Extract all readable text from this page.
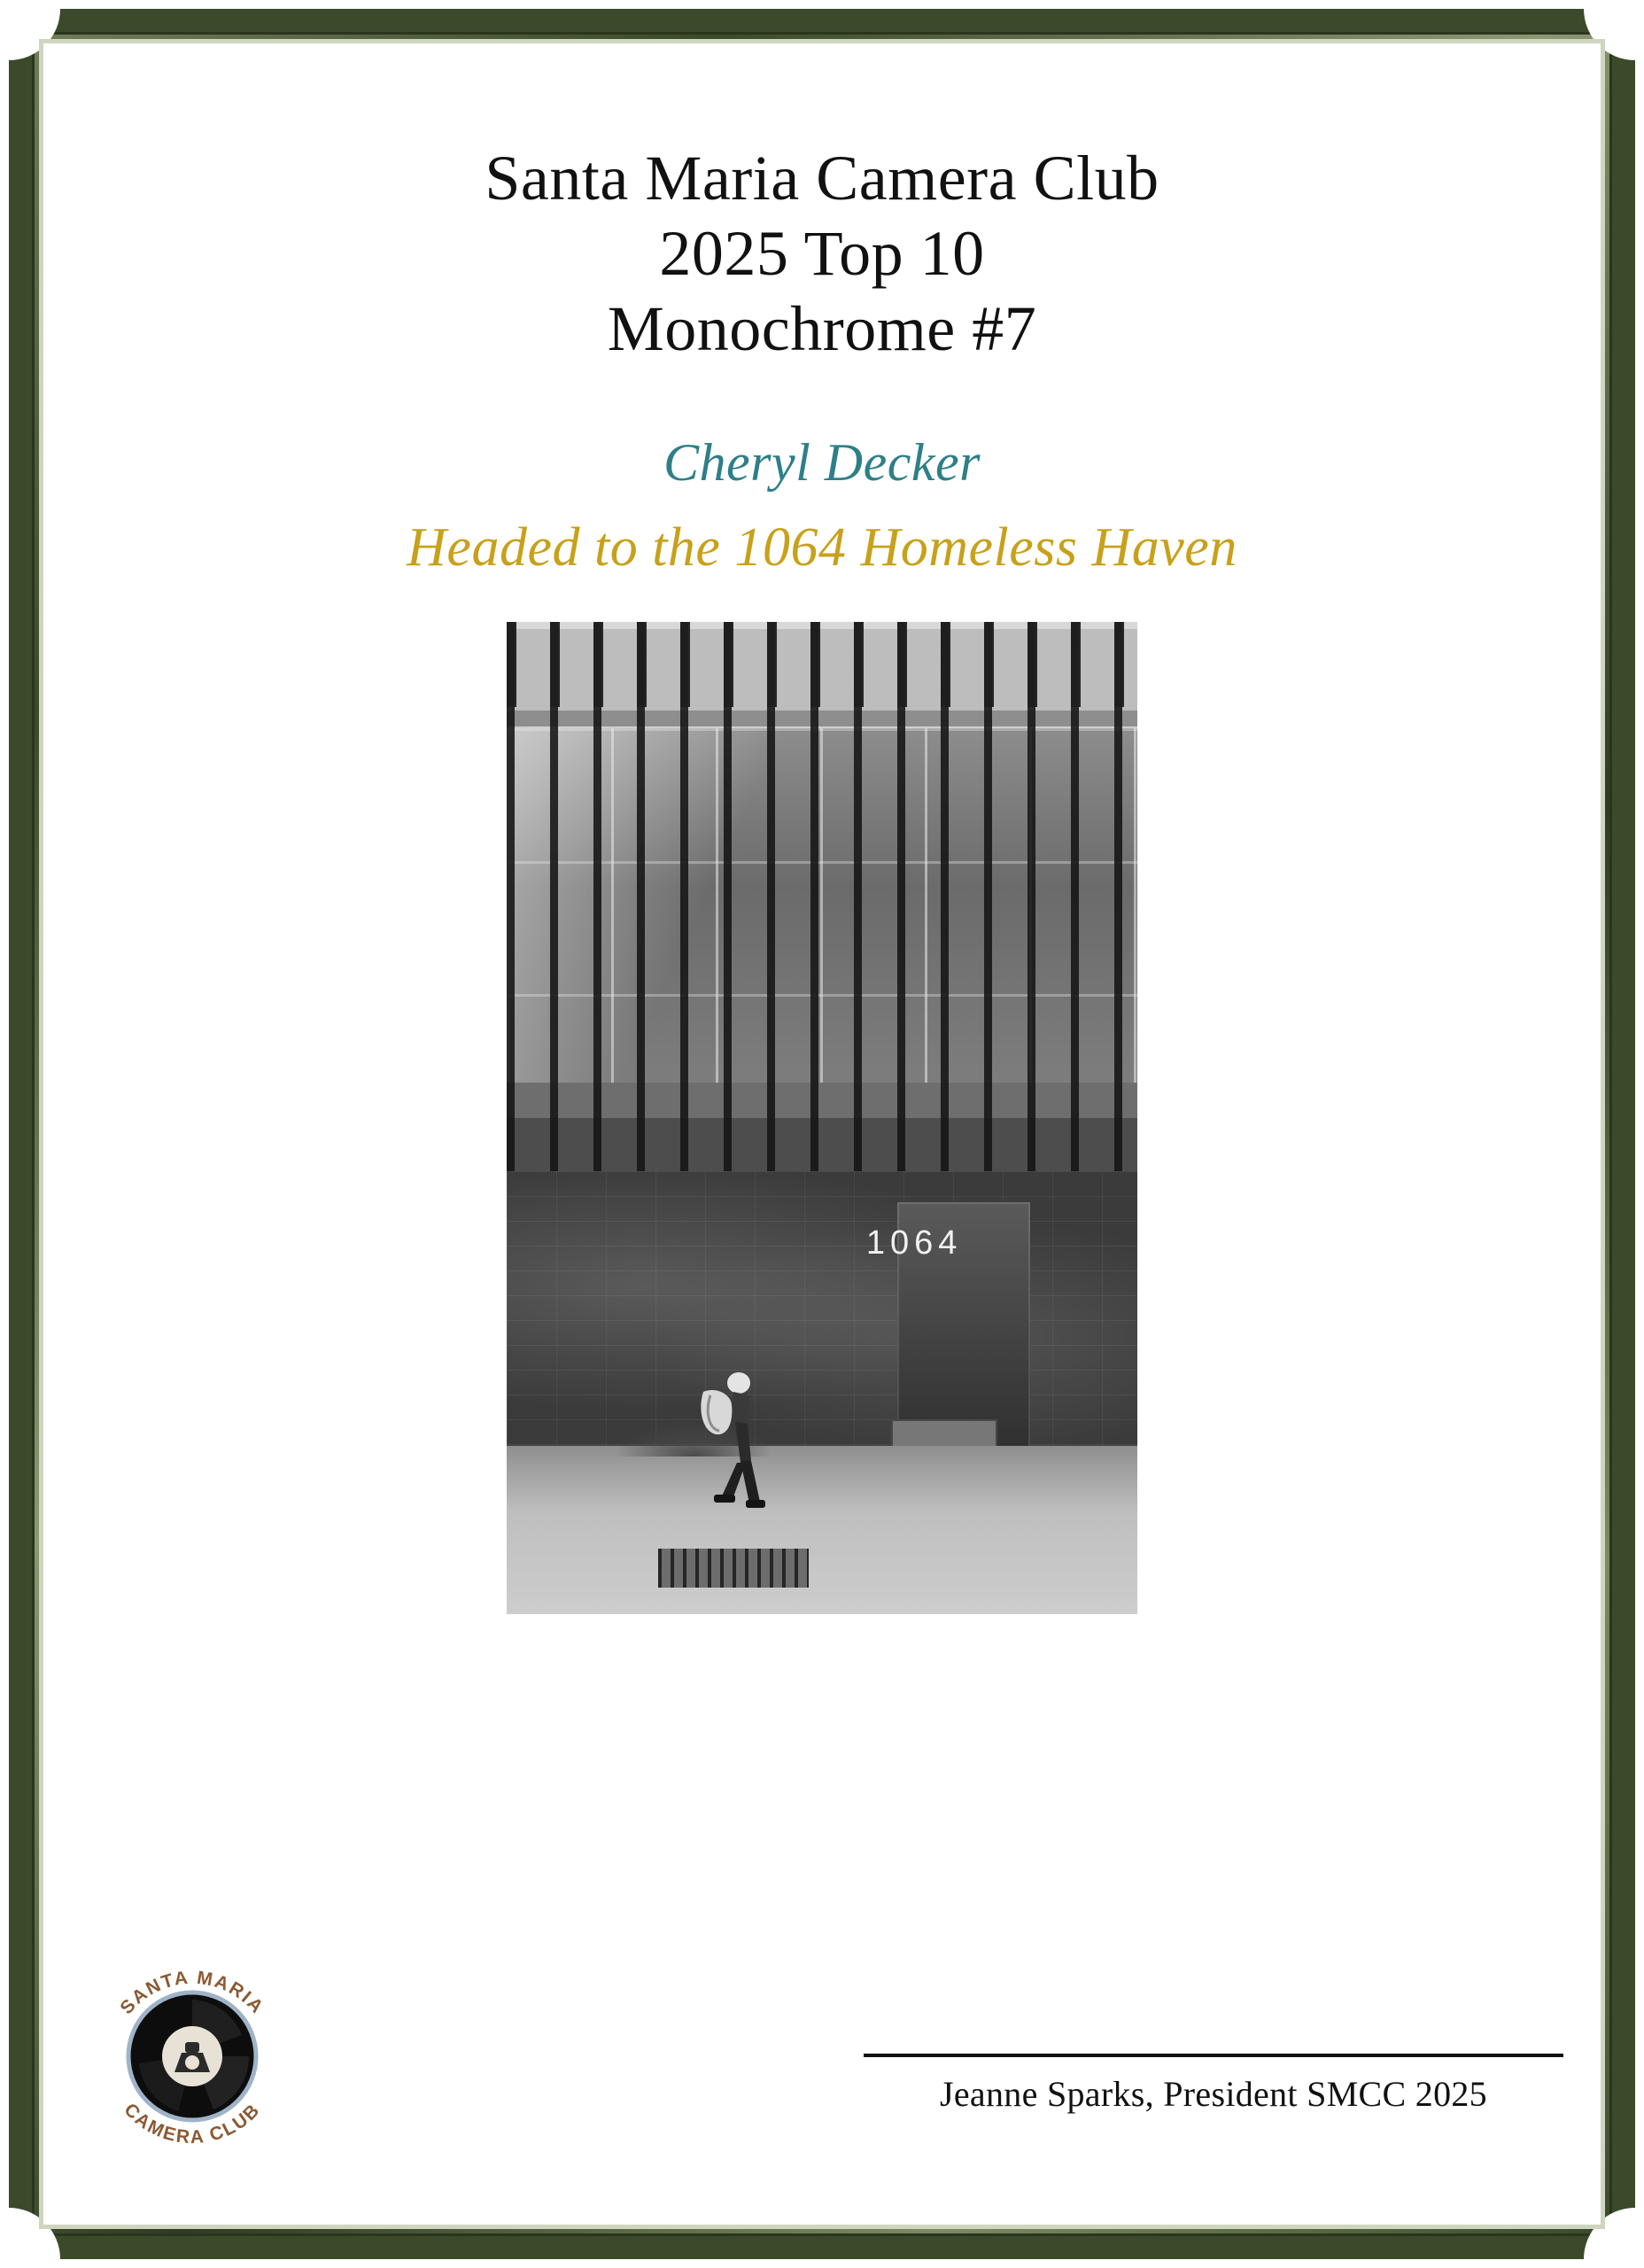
Santa Maria Camera Club
2025 Top 10
Monochrome #7
Cheryl Decker
Headed to the 1064 Homeless Haven
1064
SANTA MARIA
CAMERA CLUB	Jeanne Sparks, President SMCC 2025
